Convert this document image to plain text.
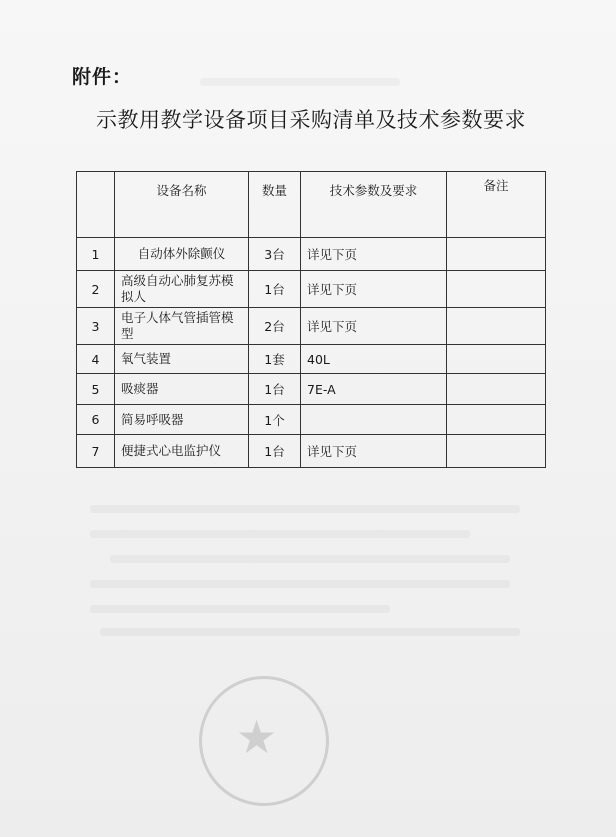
★
附件：
示教用教学设备项目采购清单及技术参数要求
	设备名称	数量	技术参数及要求	备注
1	自动体外除颤仪	3台	详见下页	
2	高级自动心肺复苏模拟人	1台	详见下页	
3	电子人体气管插管模型	2台	详见下页	
4	氧气装置	1套	40L	
5	吸痰器	1台	7E-A	
6	简易呼吸器	1个		
7	便捷式心电监护仪	1台	详见下页	
